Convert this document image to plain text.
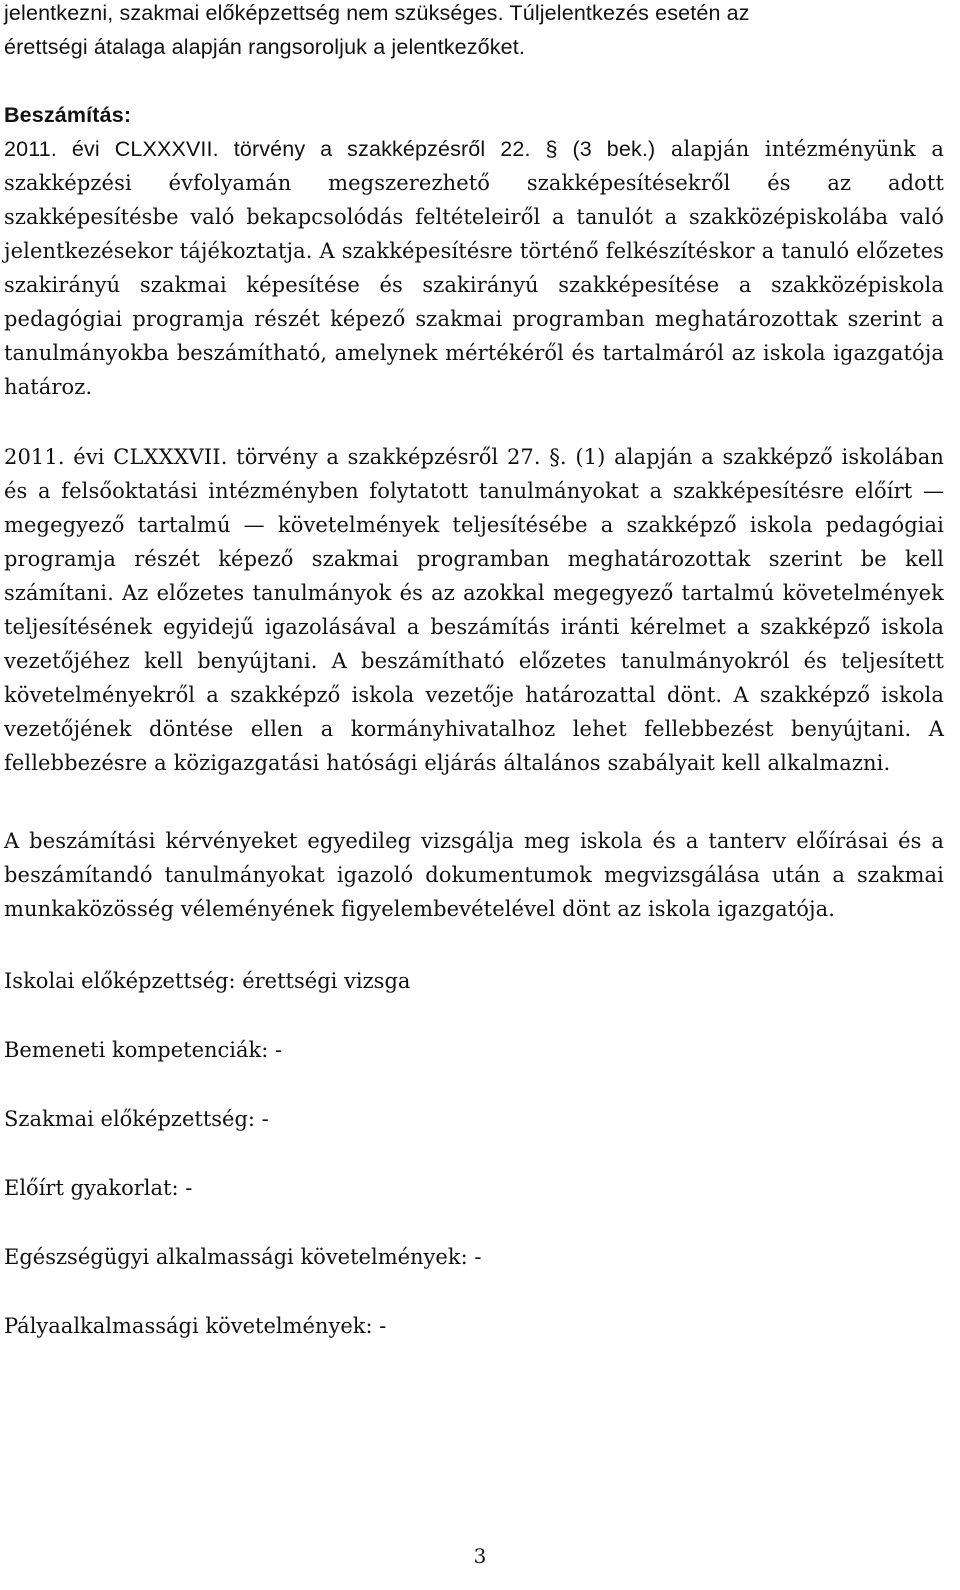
jelentkezni, szakmai előképzettség nem szükséges. Túljelentkezés esetén az
érettségi átalaga alapján rangsoroljuk a jelentkezőket.

Beszámítás:

2011. évi CLXXXVII. törvény a szakképzésről 22. § (3 bek.) alapján intézményünk a szakképzési évfolyamán megszerezhető szakképesítésekről és az adott szakképesítésbe való bekapcsolódás feltételeiről a tanulót a szakközépiskolába való jelentkezésekor tájékoztatja. A szakképesítésre történő felkészítéskor a tanuló előzetes szakirányú szakmai képesítése és szakirányú szakképesítése a szakközépiskola pedagógiai programja részét képező szakmai programban meghatározottak szerint a tanulmányokba beszámítható, amelynek mértékéről és tartalmáról az iskola igazgatója határoz.

2011. évi CLXXXVII. törvény a szakképzésről 27. §. (1) alapján a szakképző iskolában és a felsőoktatási intézményben folytatott tanulmányokat a szakképesítésre előírt — megegyező tartalmú — követelmények teljesítésébe a szakképző iskola pedagógiai programja részét képező szakmai programban meghatározottak szerint be kell számítani. Az előzetes tanulmányok és az azokkal megegyező tartalmú követelmények teljesítésének egyidejű igazolásával a beszámítás iránti kérelmet a szakképző iskola vezetőjéhez kell benyújtani. A beszámítható előzetes tanulmányokról és teljesített követelményekről a szakképző iskola vezetője határozattal dönt. A szakképző iskola vezetőjének döntése ellen a kormányhivatalhoz lehet fellebbezést benyújtani. A fellebbezésre a közigazgatási hatósági eljárás általános szabályait kell alkalmazni.

A beszámítási kérvényeket egyedileg vizsgálja meg iskola és a tanterv előírásai és a beszámítandó tanulmányokat igazoló dokumentumok megvizsgálása után a szakmai munkaközösség véleményének figyelembevételével dönt az iskola igazgatója.

Iskolai előképzettség: érettségi vizsga

Bemeneti kompetenciák: -

Szakmai előképzettség: -

Előírt gyakorlat: -

Egészségügyi alkalmassági követelmények: -

Pályaalkalmassági követelmények: -

3
